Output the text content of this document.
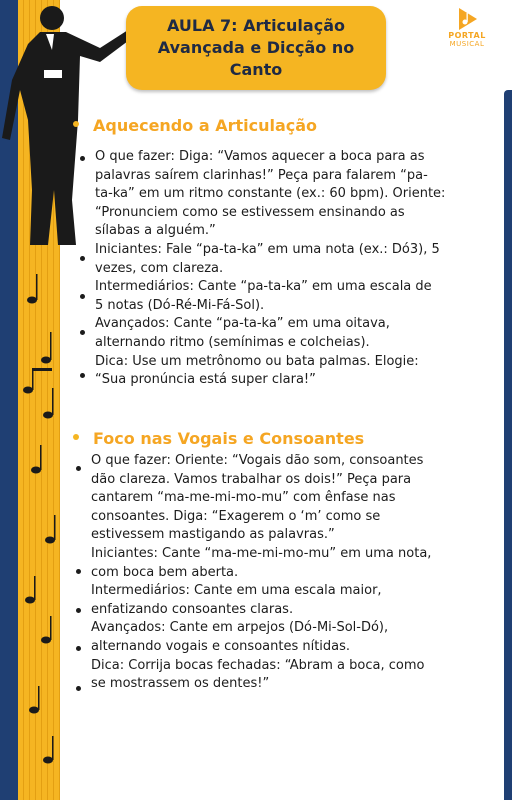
AULA 7: Articulação
Avançada e Dicção no
Canto
PORTAL
MUSICAL
Aquecendo a Articulação
O que fazer: Diga: “Vamos aquecer a boca para as
palavras saírem clarinhas!” Peça para falarem “pa-
ta-ka” em um ritmo constante (ex.: 60 bpm). Oriente:
“Pronunciem como se estivessem ensinando as
sílabas a alguém.”
Iniciantes: Fale “pa-ta-ka” em uma nota (ex.: Dó3), 5
vezes, com clareza.
Intermediários: Cante “pa-ta-ka” em uma escala de
5 notas (Dó-Ré-Mi-Fá-Sol).
Avançados: Cante “pa-ta-ka” em uma oitava,
alternando ritmo (semínimas e colcheias).
Dica: Use um metrônomo ou bata palmas. Elogie:
“Sua pronúncia está super clara!”
Foco nas Vogais e Consoantes
O que fazer: Oriente: “Vogais dão som, consoantes
dão clareza. Vamos trabalhar os dois!” Peça para
cantarem “ma-me-mi-mo-mu” com ênfase nas
consoantes. Diga: “Exagerem o ‘m’ como se
estivessem mastigando as palavras.”
Iniciantes: Cante “ma-me-mi-mo-mu” em uma nota,
com boca bem aberta.
Intermediários: Cante em uma escala maior,
enfatizando consoantes claras.
Avançados: Cante em arpejos (Dó-Mi-Sol-Dó),
alternando vogais e consoantes nítidas.
Dica: Corrija bocas fechadas: “Abram a boca, como
se mostrassem os dentes!”
